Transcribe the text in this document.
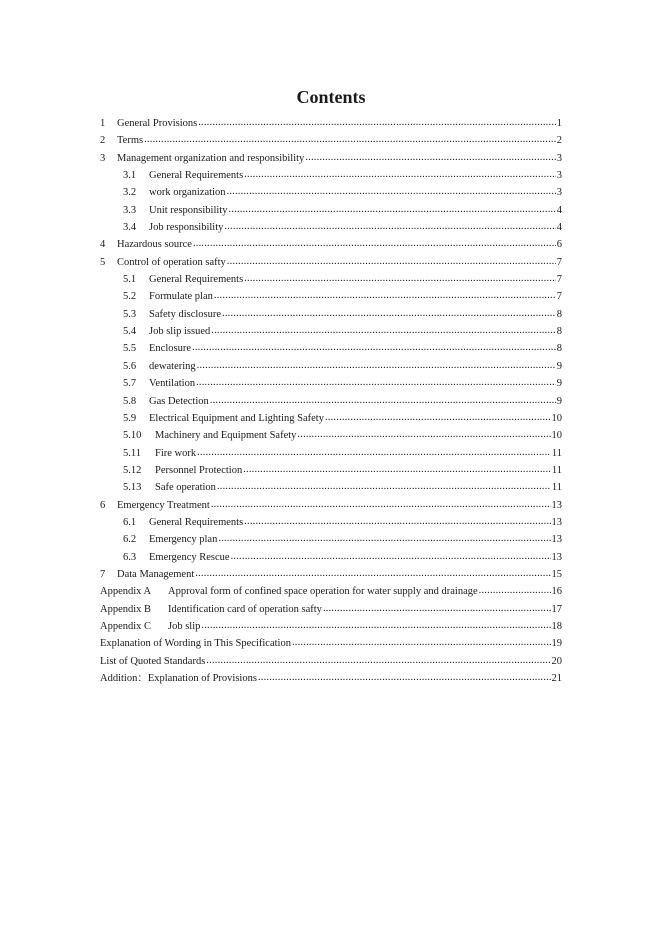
Contents
1	General Provisions .....	1
2	Terms .....	2
3	Management organization and responsibility .....	3
3.1	General Requirements .....	3
3.2	work organization .....	3
3.3	Unit responsibility .....	4
3.4	Job responsibility .....	4
4	Hazardous source .....	6
5	Control of operation safty .....	7
5.1	General Requirements .....	7
5.2	Formulate plan .....	7
5.3	Safety disclosure .....	8
5.4	Job slip issued .....	8
5.5	Enclosure .....	8
5.6	dewatering .....	9
5.7	Ventilation .....	9
5.8	Gas Detection .....	9
5.9	Electrical Equipment and Lighting Safety .....	10
5.10	Machinery and Equipment Safety .....	10
5.11	Fire work .....	11
5.12	Personnel Protection .....	11
5.13	Safe operation .....	11
6	Emergency Treatment .....	13
6.1	General Requirements .....	13
6.2	Emergency plan .....	13
6.3	Emergency Rescue .....	13
7	Data Management .....	15
Appendix A	Approval form of confined space operation for water supply and drainage .....	16
Appendix B	Identification card of operation safty .....	17
Appendix C	Job slip .....	18
Explanation of Wording in This Specification .....	19
List of Quoted Standards .....	20
Addition：Explanation of Provisions .....	21
